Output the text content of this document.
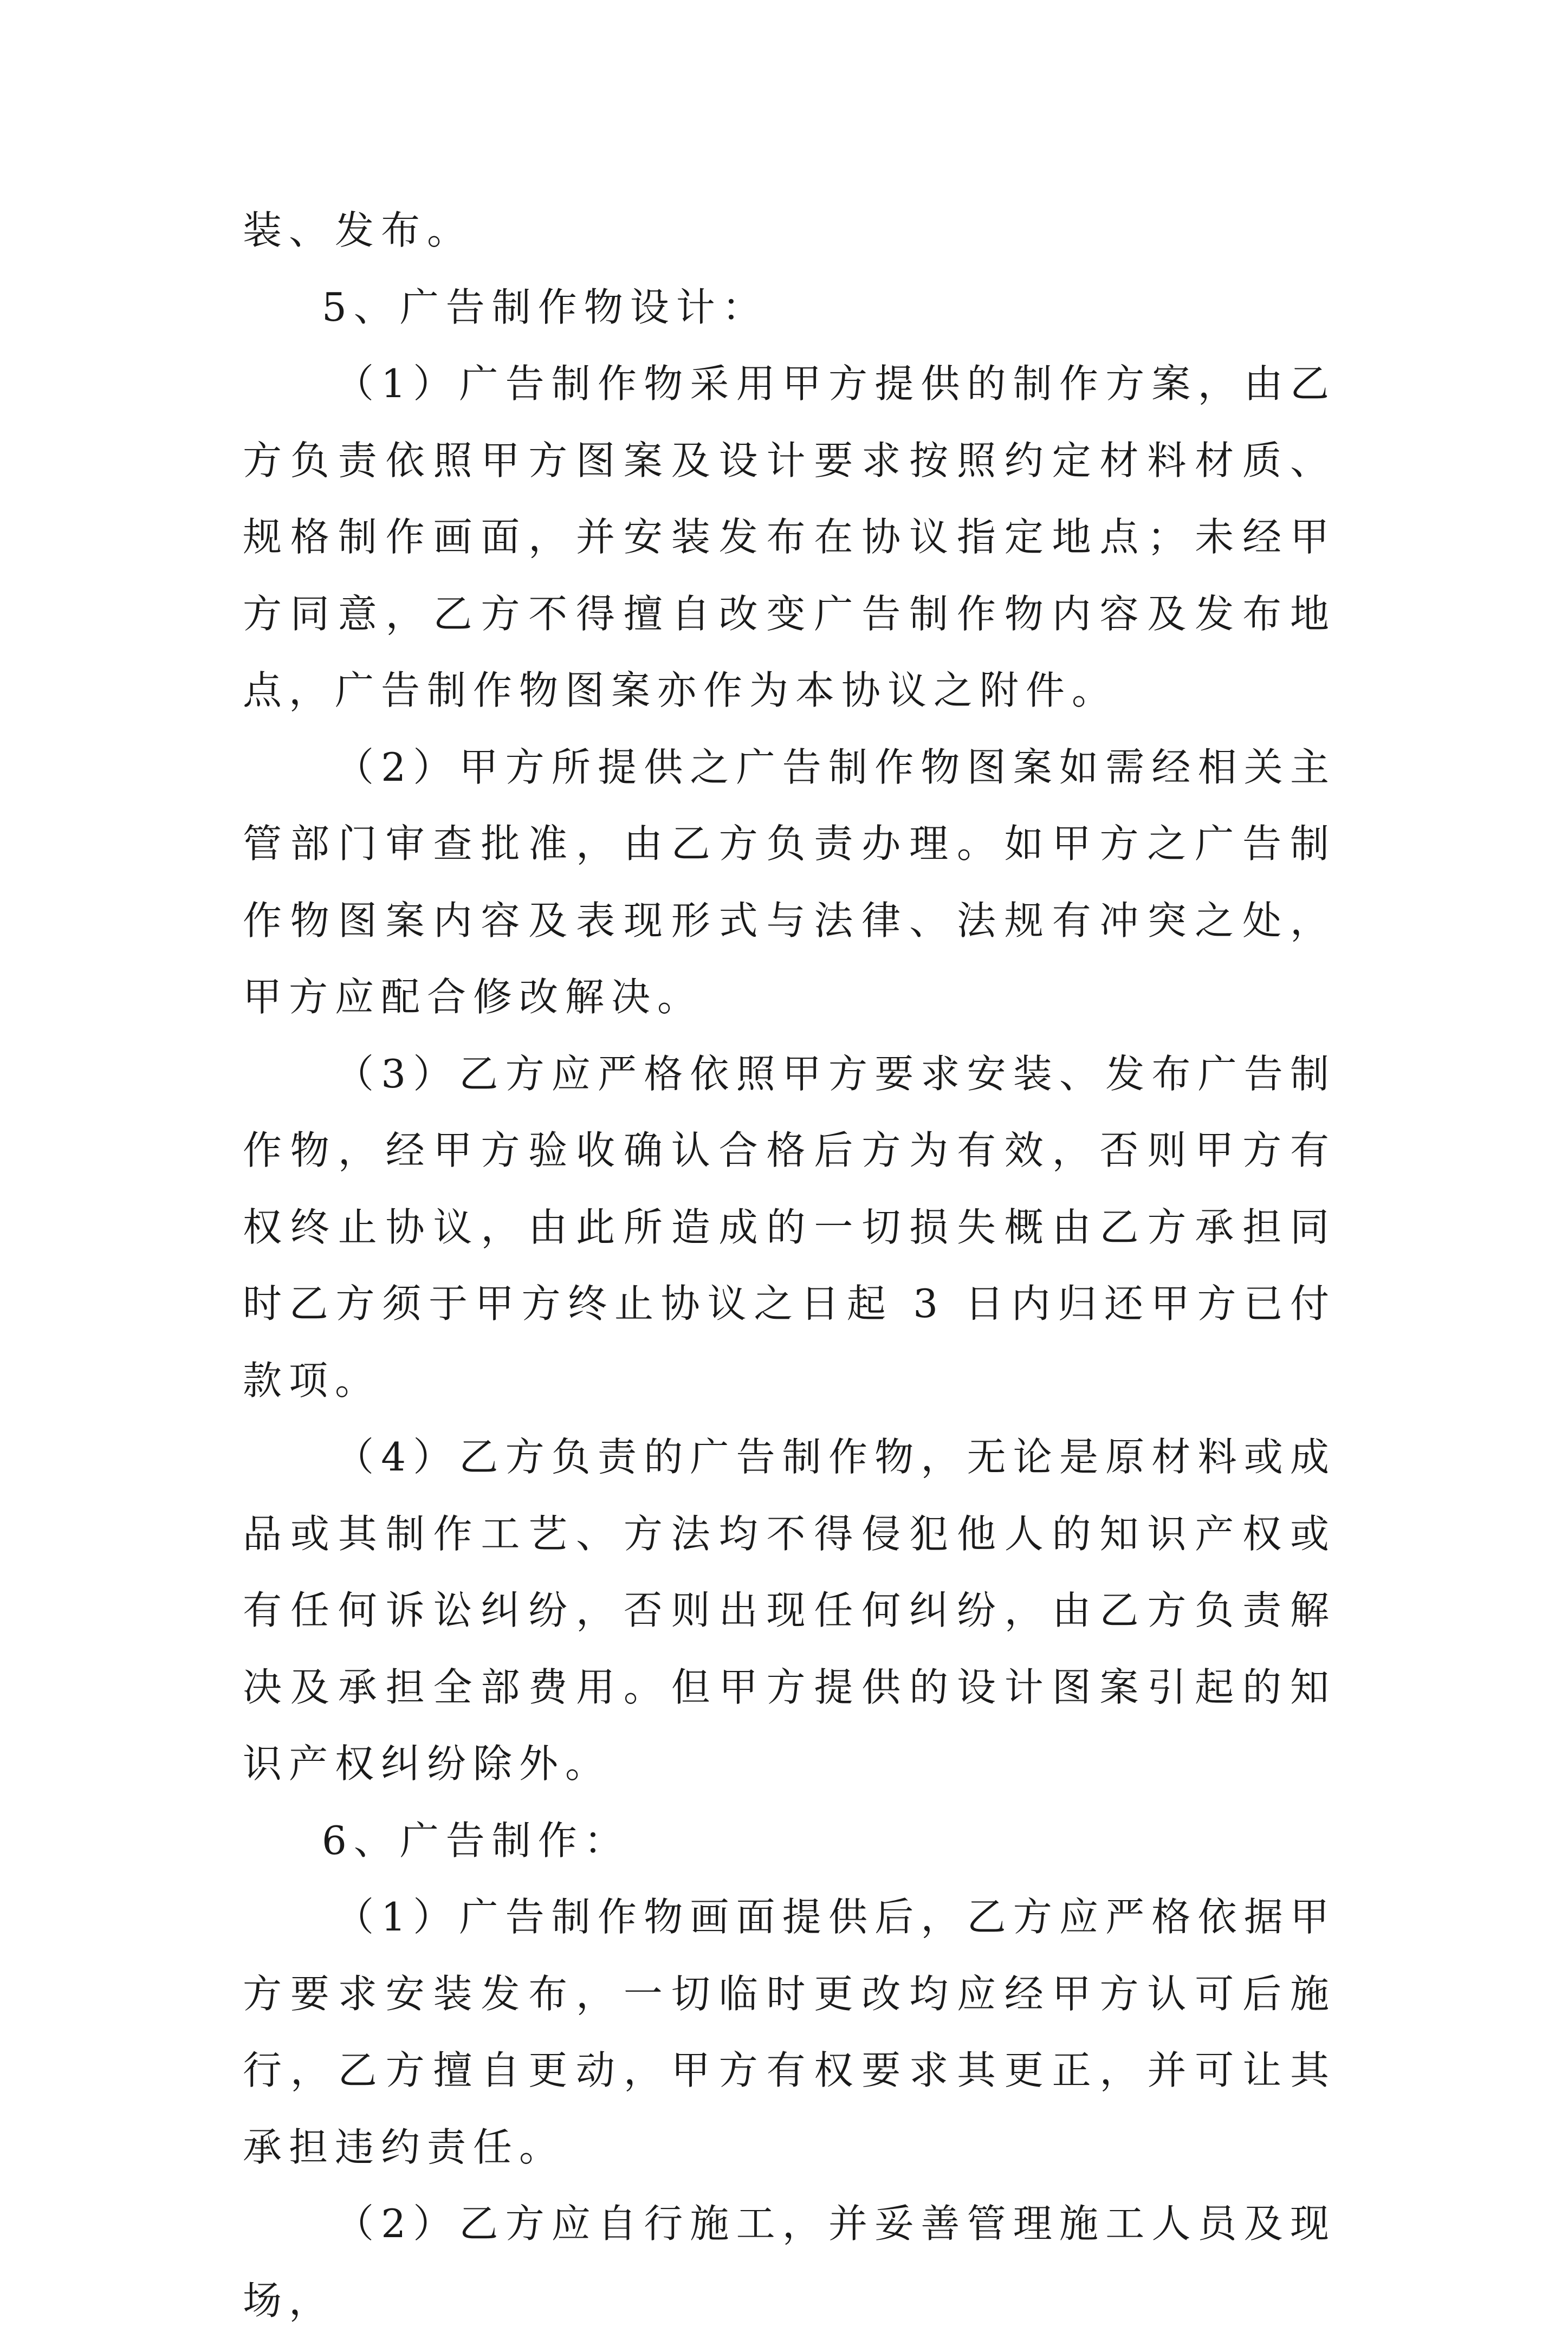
装、发布。

5、广告制作物设计：

（1）广告制作物采用甲方提供的制作方案，由乙方负责依照甲方图案及设计要求按照约定材料材质、规格制作画面，并安装发布在协议指定地点；未经甲方同意，乙方不得擅自改变广告制作物内容及发布地点，广告制作物图案亦作为本协议之附件。

（2）甲方所提供之广告制作物图案如需经相关主管部门审查批准，由乙方负责办理。如甲方之广告制作物图案内容及表现形式与法律、法规有冲突之处，甲方应配合修改解决。

（3）乙方应严格依照甲方要求安装、发布广告制作物，经甲方验收确认合格后方为有效，否则甲方有权终止协议，由此所造成的一切损失概由乙方承担同时乙方须于甲方终止协议之日起 3 日内归还甲方已付款项。

（4）乙方负责的广告制作物，无论是原材料或成品或其制作工艺、方法均不得侵犯他人的知识产权或有任何诉讼纠纷，否则出现任何纠纷，由乙方负责解决及承担全部费用。但甲方提供的设计图案引起的知识产权纠纷除外。

6、广告制作：

（1）广告制作物画面提供后，乙方应严格依据甲方要求安装发布，一切临时更改均应经甲方认可后施行，乙方擅自更动，甲方有权要求其更正，并可让其承担违约责任。

（2）乙方应自行施工，并妥善管理施工人员及现场，
